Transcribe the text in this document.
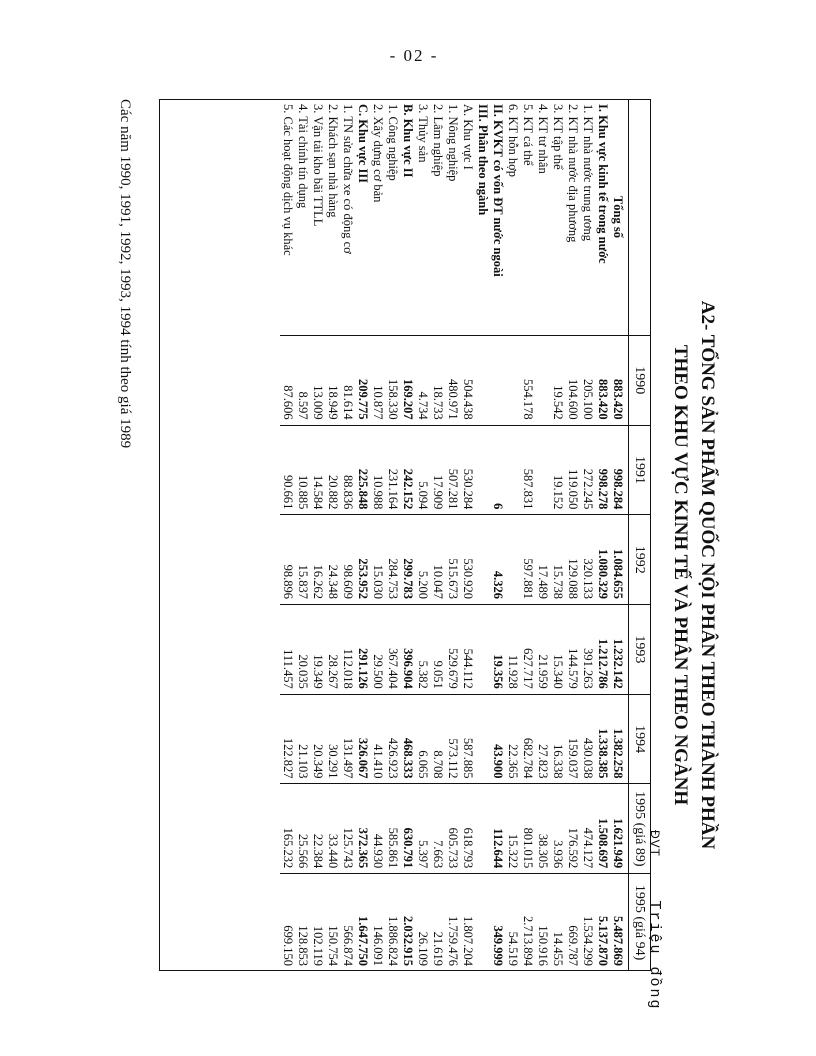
- 02 -
A2- TỔNG SẢN PHẨM QUỐC NỘI PHÂN THEO THÀNH PHẦN
THEO KHU VỰC KINH TẾ VÀ PHÂN THEO NGÀNH
ĐVT Triệu đồng
	1990	1991	1992	1993	1994	1995 (giá 89)	1995 (giá 94)
Tổng số	883.420	998.284	1.084.655	1.232.142	1.382.258	1.621.949	5.487.869
I. Khu vực kinh tế trong nước	883.420	998.278	1.080.329	1.212.786	1.338.385	1.508.697	5.137.870
1. KT nhà nước trung ương	205.100	272.245	320.133	391.263	430.038	474.127	1.534.299
2. KT nhà nước địa phương	104.600	119.050	129.088	144.579	159.037	176.592	669.787
3. KT tập thể	19.542	19.152	15.738	15.340	16.338	3.936	14.455
4. KT tư nhân			17.489	21.959	27.823	38.305	150.916
5. KT cá thể	554.178	587.831	597.881	627.717	682.784	801.015	2.713.894
6. KT hỗn hợp				11.928	22.365	15.322	54.519
II. KVKT có vốn ĐT nước ngoài		6	4.326	19.356	43.900	112.644	349.999
III. Phân theo ngành							
A. Khu vực I	504.438	530.284	530.920	544.112	587.885	618.793	1.807.204
1. Nông nghiệp	480.971	507.281	515.673	529.679	573.112	605.733	1.759.476
2. Lâm nghiệp	18.733	17.909	10.047	9.051	8.708	7.663	21.619
3. Thủy sản	4.734	5.094	5.200	5.382	6.065	5.397	26.109
B. Khu vực II	169.207	242.152	299.783	396.904	468.333	630.791	2.032.915
1. Công nghiệp	158.330	231.164	284.753	367.404	426.923	585.861	1.886.824
2. Xây dựng cơ bản	10.877	10.988	15.030	29.500	41.410	44.930	146.091
C. Khu vực III	209.775	225.848	253.952	291.126	326.067	372.365	1.647.750
1. TN sửa chữa xe có động cơ	81.614	88.836	98.609	112.018	131.497	125.743	566.874
2. Khách sạn nhà hàng	18.949	20.882	24.348	28.267	30.291	33.440	150.754
3. Vận tải kho bãi TTLL	13.009	14.584	16.262	19.349	20.349	22.384	102.119
4. Tài chính tín dụng	8.597	10.885	15.837	20.035	21.103	25.566	128.853
5. Các hoạt động dịch vụ khác	87.606	90.661	98.896	111.457	122.827	165.232	699.150
Các năm 1990, 1991, 1992, 1993, 1994 tính theo giá 1989
